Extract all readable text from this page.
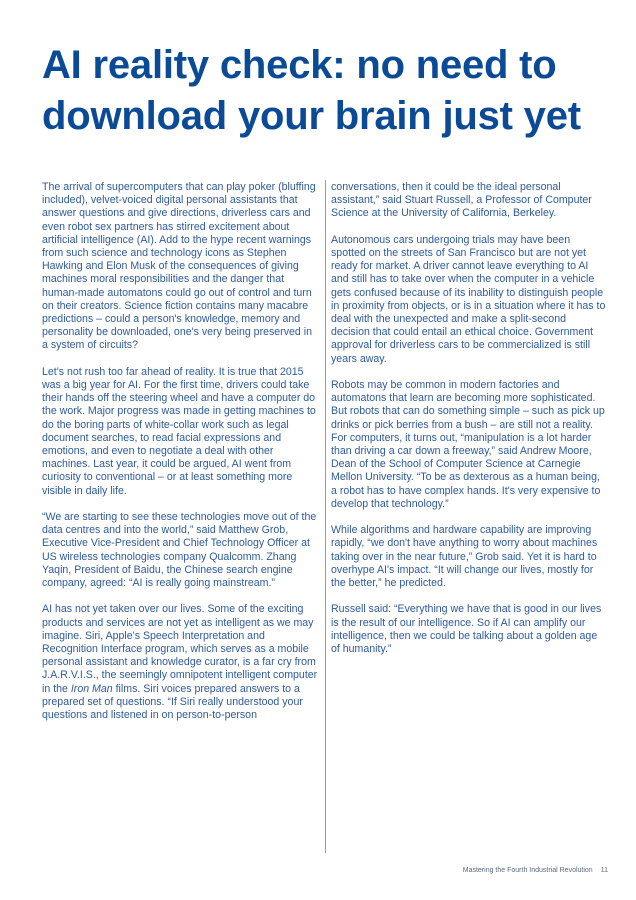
AI reality check: no need to download your brain just yet

The arrival of supercomputers that can play poker (bluffing included), velvet-voiced digital personal assistants that answer questions and give directions, driverless cars and even robot sex partners has stirred excitement about artificial intelligence (AI). Add to the hype recent warnings from such science and technology icons as Stephen Hawking and Elon Musk of the consequences of giving machines moral responsibilities and the danger that human-made automatons could go out of control and turn on their creators. Science fiction contains many macabre predictions – could a person's knowledge, memory and personality be downloaded, one's very being preserved in a system of circuits?

Let's not rush too far ahead of reality. It is true that 2015 was a big year for AI. For the first time, drivers could take their hands off the steering wheel and have a computer do the work. Major progress was made in getting machines to do the boring parts of white-collar work such as legal document searches, to read facial expressions and emotions, and even to negotiate a deal with other machines. Last year, it could be argued, AI went from curiosity to conventional – or at least something more visible in daily life.

“We are starting to see these technologies move out of the data centres and into the world,” said Matthew Grob, Executive Vice-President and Chief Technology Officer at US wireless technologies company Qualcomm. Zhang Yaqin, President of Baidu, the Chinese search engine company, agreed: “AI is really going mainstream.”

AI has not yet taken over our lives. Some of the exciting products and services are not yet as intelligent as we may imagine. Siri, Apple's Speech Interpretation and Recognition Interface program, which serves as a mobile personal assistant and knowledge curator, is a far cry from J.A.R.V.I.S., the seemingly omnipotent intelligent computer in the Iron Man films. Siri voices prepared answers to a prepared set of questions. “If Siri really understood your questions and listened in on person-to-person

conversations, then it could be the ideal personal assistant,” said Stuart Russell, a Professor of Computer Science at the University of California, Berkeley.

Autonomous cars undergoing trials may have been spotted on the streets of San Francisco but are not yet ready for market. A driver cannot leave everything to AI and still has to take over when the computer in a vehicle gets confused because of its inability to distinguish people in proximity from objects, or is in a situation where it has to deal with the unexpected and make a split-second decision that could entail an ethical choice. Government approval for driverless cars to be commercialized is still years away.

Robots may be common in modern factories and automatons that learn are becoming more sophisticated. But robots that can do something simple – such as pick up drinks or pick berries from a bush – are still not a reality. For computers, it turns out, “manipulation is a lot harder than driving a car down a freeway,” said Andrew Moore, Dean of the School of Computer Science at Carnegie Mellon University. “To be as dexterous as a human being, a robot has to have complex hands. It's very expensive to develop that technology.”

While algorithms and hardware capability are improving rapidly, “we don't have anything to worry about machines taking over in the near future,” Grob said. Yet it is hard to overhype AI's impact. “It will change our lives, mostly for the better,” he predicted.

Russell said: “Everything we have that is good in our lives is the result of our intelligence. So if AI can amplify our intelligence, then we could be talking about a golden age of humanity.”

Mastering the Fourth Industrial Revolution 11
